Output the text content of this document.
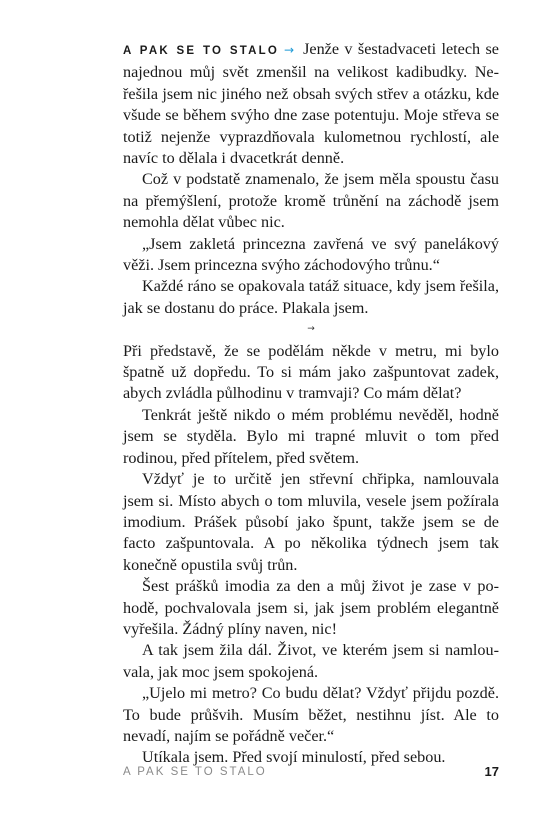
A PAK SE TO STALO → Jenže v šestadvaceti letech se najednou můj svět zmenšil na velikost kadibudky. Neřešila jsem nic jiného než obsah svých střev a otázku, kde všude se během svýho dne zase potentuju. Moje střeva se totiž nejenže vyprazdňovala kulometnou rychlostí, ale navíc to dělala i dvacetkrát denně.

Což v podstatě znamenalo, že jsem měla spoustu času na přemýšlení, protože kromě trůnění na záchodě jsem nemohla dělat vůbec nic.

„Jsem zakletá princezna zavřená ve svý panelákový věži. Jsem princezna svýho záchodovýho trůnu.“

Každé ráno se opakovala tatáž situace, kdy jsem řešila, jak se dostanu do práce. Plakala jsem.

→

Při představě, že se podělám někde v metru, mi bylo špatně už dopředu. To si mám jako zašpuntovat zadek, abych zvládla půlhodinu v tramvaji? Co mám dělat?

Tenkrát ještě nikdo o mém problému nevěděl, hodně jsem se styděla. Bylo mi trapné mluvit o tom před rodinou, před přítelem, před světem.

Vždyť je to určitě jen střevní chřipka, namlouvala jsem si. Místo abych o tom mluvila, vesele jsem požírala imodium. Prášek působí jako špunt, takže jsem se de facto zašpuntovala. A po několika týdnech jsem tak konečně opustila svůj trůn.

Šest prášků imodia za den a můj život je zase v pohodě, pochvalovala jsem si, jak jsem problém elegantně vyřešila. Žádný plíny naven, nic!

A tak jsem žila dál. Život, ve kterém jsem si namlouvala, jak moc jsem spokojená.

„Ujelo mi metro? Co budu dělat? Vždyť přijdu pozdě. To bude průšvih. Musím běžet, nestihnu jíst. Ale to nevadí, najím se pořádně večer.“

Utíkala jsem. Před svojí minulostí, před sebou.

A PAK SE TO STALO	17
